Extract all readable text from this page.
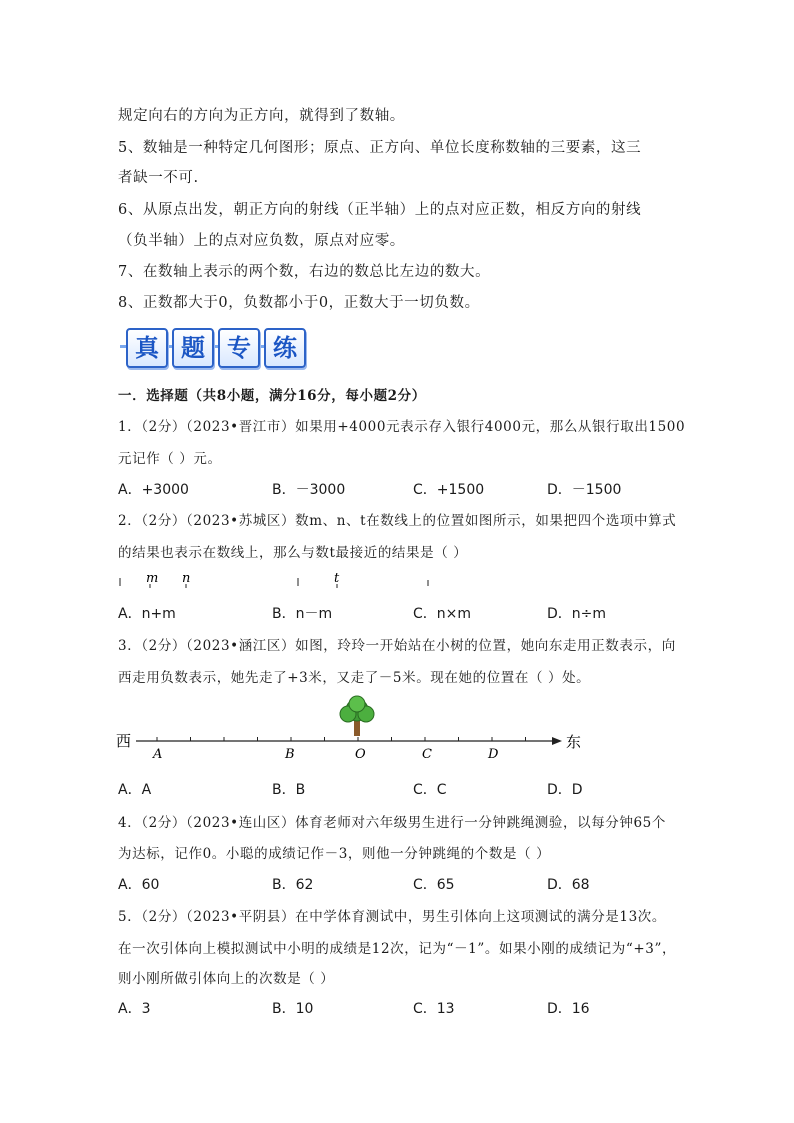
规定向右的方向为正方向，就得到了数轴。
5、数轴是一种特定几何图形；原点、正方向、单位长度称数轴的三要素，这三
者缺一不可.
6、从原点出发，朝正方向的射线（正半轴）上的点对应正数，相反方向的射线
（负半轴）上的点对应负数，原点对应零。
7、在数轴上表示的两个数，右边的数总比左边的数大。
8、正数都大于0，负数都小于0，正数大于一切负数。
真 题 专 练
一．选择题（共8小题，满分16分，每小题2分）
1．（2分）（2023•晋江市）如果用+4000元表示存入银行4000元，那么从银行取出1500
元记作（ ）元。
A．+3000	B．－3000	C．+1500	D．－1500
2．（2分）（2023•苏城区）数m、n、t在数线上的位置如图所示，如果把四个选项中算式
的结果也表示在数线上，那么与数t最接近的结果是（ ）
m n	t
A．n+m	B．n－m	C．n×m	D．n÷m
3．（2分）（2023•涵江区）如图，玲玲一开始站在小树的位置，她向东走用正数表示，向
西走用负数表示，她先走了+3米，又走了－5米。现在她的位置在（ ）处。
西	东
A	B	O	C	D
A．A	B．B	C．C	D．D
4．（2分）（2023•连山区）体育老师对六年级男生进行一分钟跳绳测验，以每分钟65个
为达标，记作0。小聪的成绩记作－3，则他一分钟跳绳的个数是（ ）
A．60	B．62	C．65	D．68
5．（2分）（2023•平阴县）在中学体育测试中，男生引体向上这项测试的满分是13次。
在一次引体向上模拟测试中小明的成绩是12次，记为“－1”。如果小刚的成绩记为“+3”，
则小刚所做引体向上的次数是（ ）
A．3	B．10	C．13	D．16
